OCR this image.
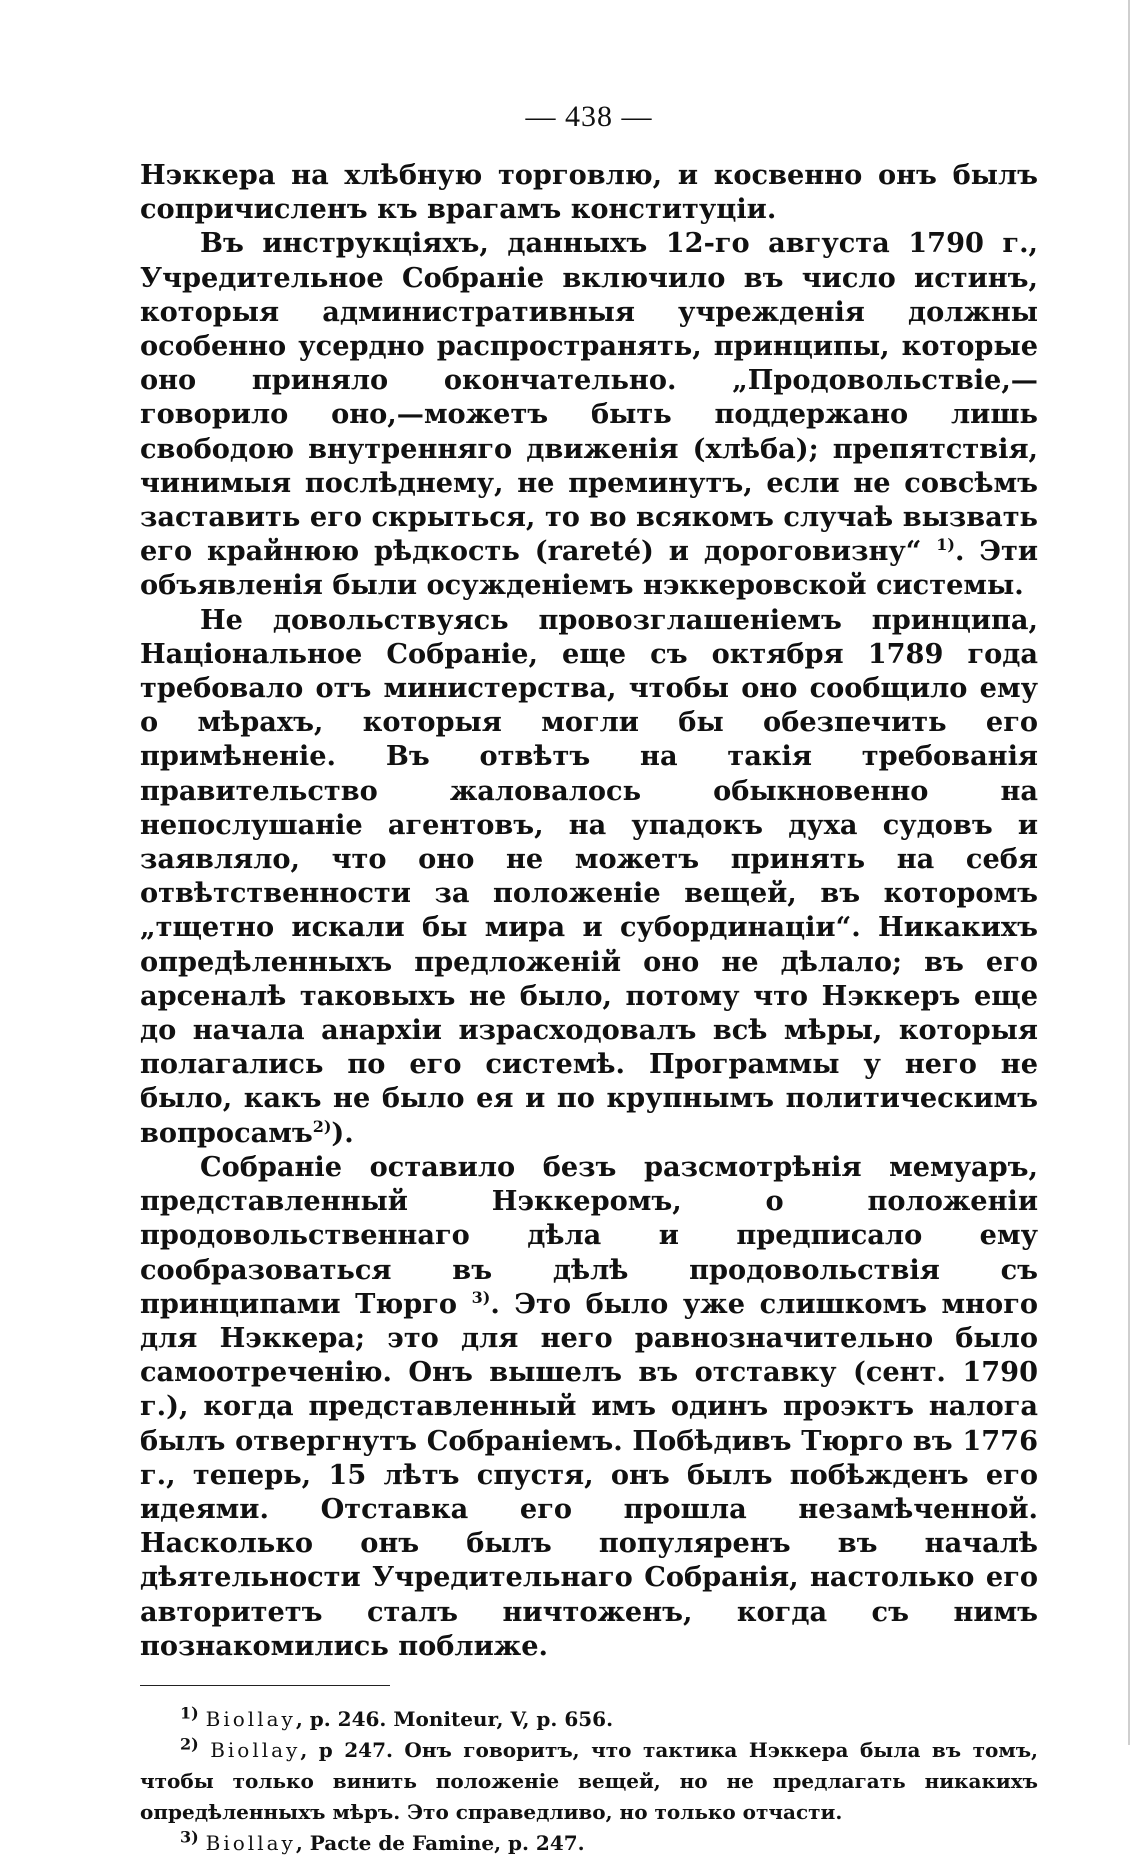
— 438 —

Нэккера на хлѣбную торговлю, и косвенно онъ былъ сопричисленъ къ врагамъ конституціи.

Въ инструкціяхъ, данныхъ 12-го августа 1790 г., Учредительное Собраніе включило въ число истинъ, которыя административныя учрежденія должны особенно усердно распространять, принципы, которые оно приняло окончательно. „Продовольствіе,—говорило оно,—можетъ быть поддержано лишь свободою внутренняго движенія (хлѣба); препятствія, чинимыя послѣднему, не преминутъ, если не совсѣмъ заставить его скрыться, то во всякомъ случаѣ вызвать его крайнюю рѣдкость (rareté) и дороговизну“ $^{1)}$. Эти объявленія были осужденіемъ нэккеровской системы.

Не довольствуясь провозглашеніемъ принципа, Національное Собраніе, еще съ октября 1789 года требовало отъ министерства, чтобы оно сообщило ему о мѣрахъ, которыя могли бы обезпечить его примѣненіе. Въ отвѣтъ на такія требованія правительство жаловалось обыкновенно на непослушаніе агентовъ, на упадокъ духа судовъ и заявляло, что оно не можетъ принять на себя отвѣтственности за положеніе вещей, въ которомъ „тщетно искали бы мира и субординаціи“. Никакихъ опредѣленныхъ предложеній оно не дѣлало; въ его арсеналѣ таковыхъ не было, потому что Нэккеръ еще до начала анархіи израсходовалъ всѣ мѣры, которыя полагались по его системѣ. Программы у него не было, какъ не было ея и по крупнымъ политическимъ вопросамъ$^{2)}$).

Собраніе оставило безъ разсмотрѣнія мемуаръ, представленный Нэккеромъ, о положеніи продовольственнаго дѣла и предписало ему сообразоваться въ дѣлѣ продовольствія съ принципами Тюрго $^{3)}$. Это было уже слишкомъ много для Нэккера; это для него равнозначительно было самоотреченію. Онъ вышелъ въ отставку (сент. 1790 г.), когда представленный имъ одинъ проэктъ налога былъ отвергнутъ Собраніемъ. Побѣдивъ Тюрго въ 1776 г., теперь, 15 лѣтъ спустя, онъ былъ побѣжденъ его идеями. Отставка его прошла незамѣченной. Насколько онъ былъ популяренъ въ началѣ дѣятельности Учредительнаго Собранія, настолько его авторитетъ сталъ ничтоженъ, когда съ нимъ познакомились поближе.

$^{1)}$ Biollay, p. 246. Moniteur, V, p. 656.

$^{2)}$ Biollay, p 247. Онъ говоритъ, что тактика Нэккера была въ томъ, чтобы только винить положеніе вещей, но не предлагать никакихъ опредѣленныхъ мѣръ. Это справедливо, но только отчасти.

$^{3)}$ Biollay, Pacte de Famine, p. 247.
